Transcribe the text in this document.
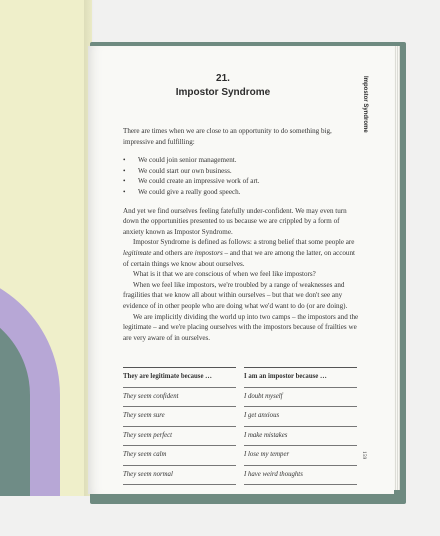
21.
Impostor Syndrome	Impostor Syndrome
159

There are times when we are close to an opportunity to do something big, impressive and fulfilling:

• We could join senior management.
• We could start our own business.
• We could create an impressive work of art.
• We could give a really good speech.

And yet we find ourselves feeling fatefully under-confident. We may even turn down the opportunities presented to us because we are crippled by a form of anxiety known as Impostor Syndrome.

Impostor Syndrome is defined as follows: a strong belief that some people are legitimate and others are impostors – and that we are among the latter, on account of certain things we know about ourselves.

What is it that we are conscious of when we feel like impostors?

When we feel like impostors, we're troubled by a range of weaknesses and fragilities that we know all about within ourselves – but that we don't see any evidence of in other people who are doing what we'd want to do (or are doing).

We are implicitly dividing the world up into two camps – the impostors and the legitimate – and we're placing ourselves with the impostors because of frailties we are very aware of in ourselves.

They are legitimate because …
They seem confident
They seem sure
They seem perfect
They seem calm
They seem normal
I am an impostor because …
I doubt myself
I get anxious
I make mistakes
I lose my temper
I have weird thoughts
